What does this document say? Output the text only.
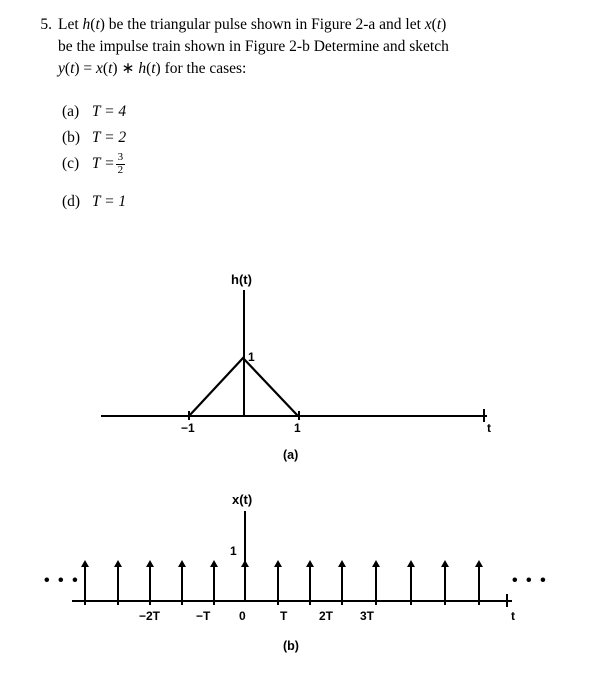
5. Let h(t) be the triangular pulse shown in Figure 2-a and let x(t)
be the impulse train shown in Figure 2-b Determine and sketch
y(t) = x(t) ∗ h(t) for the cases:
(a) T = 4
(b) T = 2
(c) $T = \frac{3}{2}$
(d) T = 1
h(t)
1
−1	1	t
(a)
x(t)
1
• • •	• • •
−2T	−T 0	T	2T 3T	t
(b)
